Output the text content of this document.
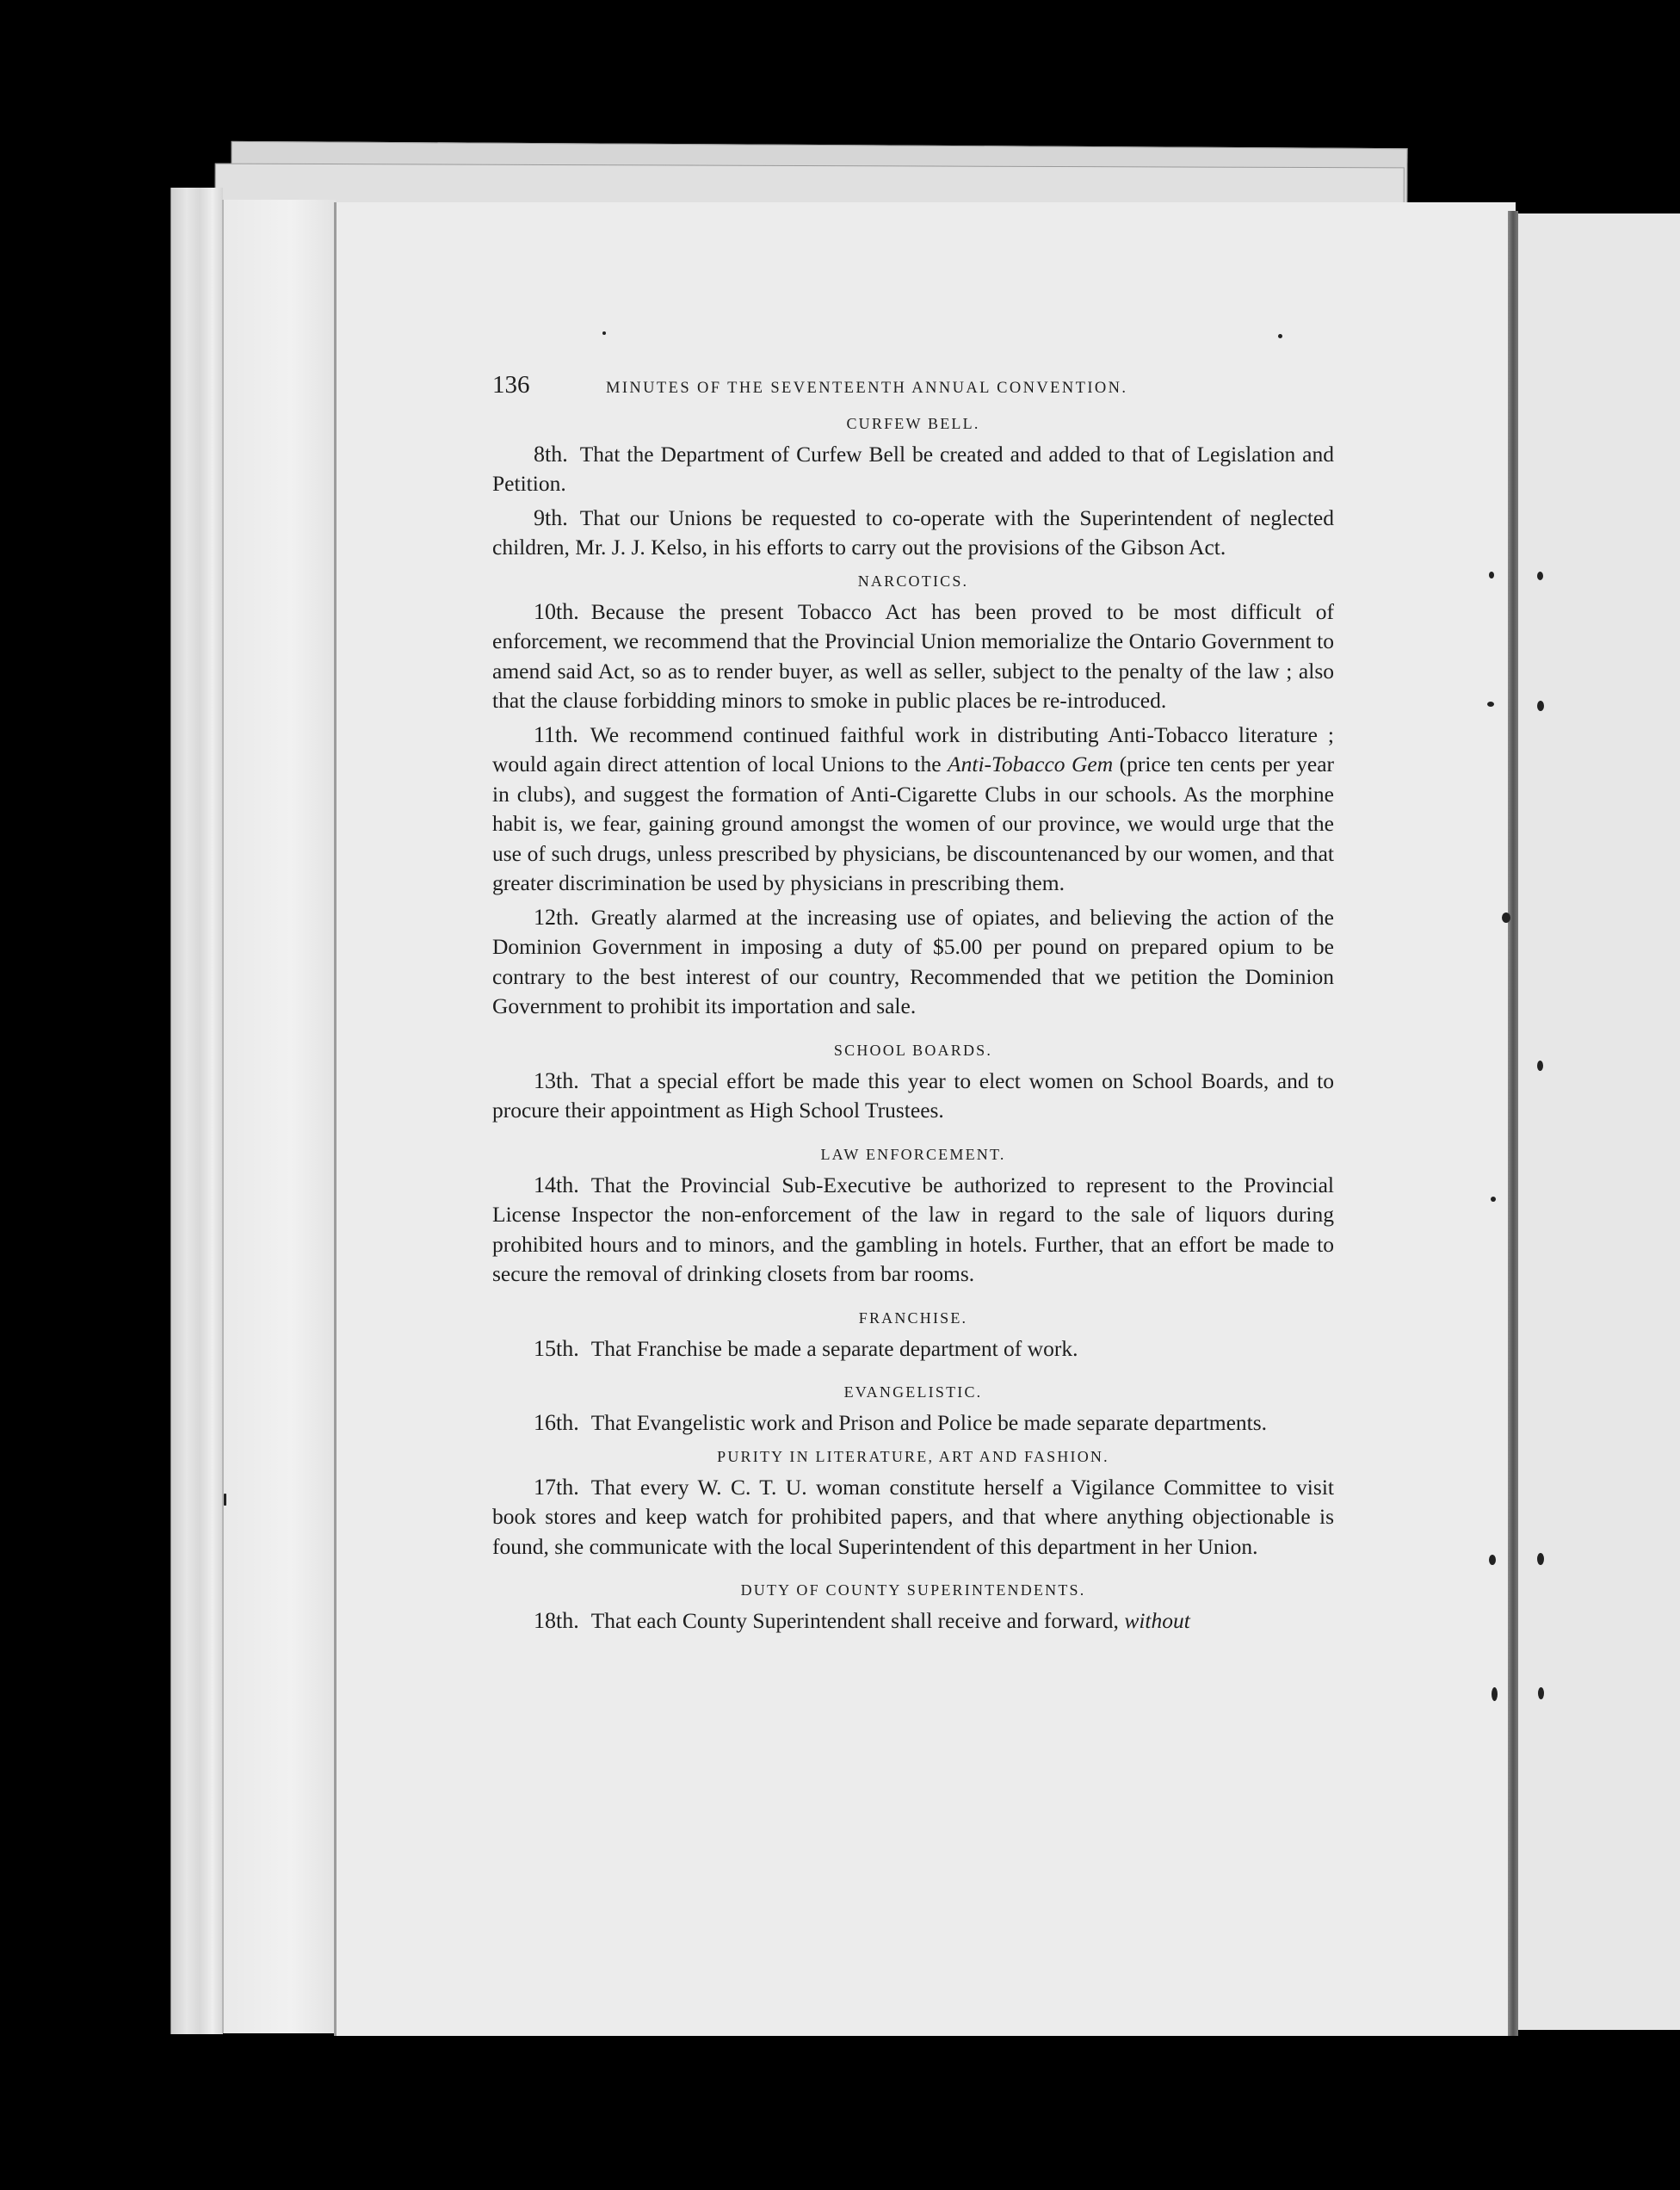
136	MINUTES OF THE SEVENTEENTH ANNUAL CONVENTION.
CURFEW BELL.

8th. That the Department of Curfew Bell be created and added to that of Legislation and Petition.

9th. That our Unions be requested to co-operate with the Superintendent of neglected children, Mr. J. J. Kelso, in his efforts to carry out the provisions of the Gibson Act.

NARCOTICS.

10th. Because the present Tobacco Act has been proved to be most difficult of enforcement, we recommend that the Provincial Union memorialize the Ontario Government to amend said Act, so as to render buyer, as well as seller, subject to the penalty of the law ; also that the clause forbidding minors to smoke in public places be re-introduced.

11th. We recommend continued faithful work in distributing Anti-Tobacco literature ; would again direct attention of local Unions to the Anti-Tobacco Gem (price ten cents per year in clubs), and suggest the formation of Anti-Cigarette Clubs in our schools. As the morphine habit is, we fear, gaining ground amongst the women of our province, we would urge that the use of such drugs, unless prescribed by physicians, be discountenanced by our women, and that greater discrimination be used by physicians in prescribing them.

12th. Greatly alarmed at the increasing use of opiates, and believing the action of the Dominion Government in imposing a duty of $5.00 per pound on prepared opium to be contrary to the best interest of our country, Recommended that we petition the Dominion Government to prohibit its importation and sale.

SCHOOL BOARDS.

13th. That a special effort be made this year to elect women on School Boards, and to procure their appointment as High School Trustees.

LAW ENFORCEMENT.

14th. That the Provincial Sub-Executive be authorized to represent to the Provincial License Inspector the non-enforcement of the law in regard to the sale of liquors during prohibited hours and to minors, and the gambling in hotels. Further, that an effort be made to secure the removal of drinking closets from bar rooms.

FRANCHISE.

15th. That Franchise be made a separate department of work.

EVANGELISTIC.

16th. That Evangelistic work and Prison and Police be made separate departments.

PURITY IN LITERATURE, ART AND FASHION.

17th. That every W. C. T. U. woman constitute herself a Vigilance Committee to visit book stores and keep watch for prohibited papers, and that where anything objectionable is found, she communicate with the local Superintendent of this department in her Union.

DUTY OF COUNTY SUPERINTENDENTS.

18th. That each County Superintendent shall receive and forward, without
